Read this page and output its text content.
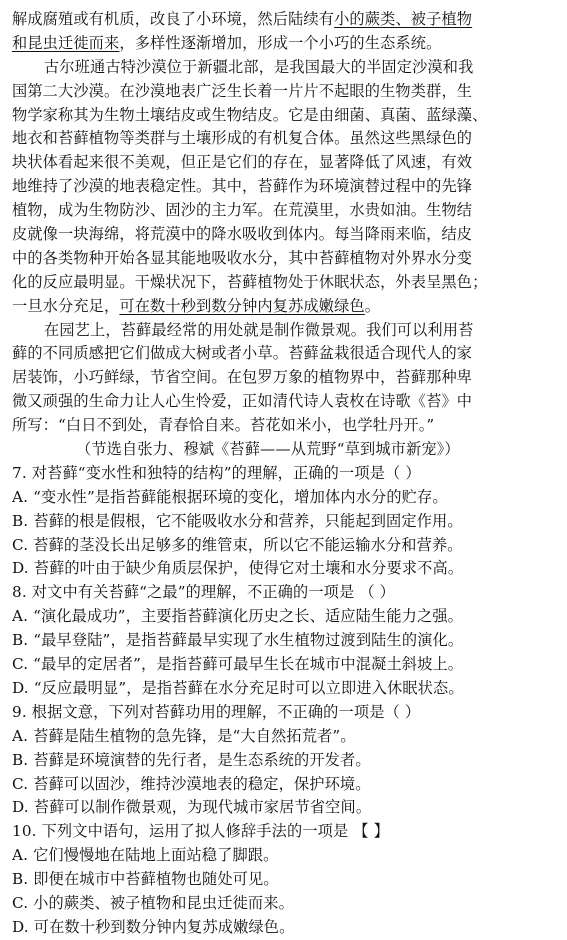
解成腐殖或有机质，改良了小环境，然后陆续有小的蕨类、被子植物
和昆虫迁徙而来，多样性逐渐增加，形成一个小巧的生态系统。
古尔班通古特沙漠位于新疆北部，是我国最大的半固定沙漠和我
国第二大沙漠。在沙漠地表广泛生长着一片片不起眼的生物类群，生
物学家称其为生物土壤结皮或生物结皮。它是由细菌、真菌、蓝绿藻、
地衣和苔藓植物等类群与土壤形成的有机复合体。虽然这些黑绿色的
块状体看起来很不美观，但正是它们的存在，显著降低了风速，有效
地维持了沙漠的地表稳定性。其中，苔藓作为环境演替过程中的先锋
植物，成为生物防沙、固沙的主力军。在荒漠里，水贵如油。生物结
皮就像一块海绵，将荒漠中的降水吸收到体内。每当降雨来临，结皮
中的各类物种开始各显其能地吸收水分，其中苔藓植物对外界水分变
化的反应最明显。干燥状况下，苔藓植物处于休眠状态，外表呈黑色；
一旦水分充足，可在数十秒到数分钟内复苏成嫩绿色。
在园艺上，苔藓最经常的用处就是制作微景观。我们可以利用苔
藓的不同质感把它们做成大树或者小草。苔藓盆栽很适合现代人的家
居装饰，小巧鲜绿，节省空间。在包罗万象的植物界中，苔藓那种卑
微又顽强的生命力让人心生怜爱，正如清代诗人袁枚在诗歌《苔》中
所写：“白日不到处，青春恰自来。苔花如米小，也学牡丹开。”
（节选自张力、穆斌《苔藓——从荒野“草到城市新宠》）
7. 对苔藓“变水性和独特的结构”的理解，正确的一项是（ ）
A. “变水性”是指苔藓能根据环境的变化，增加体内水分的贮存。
B. 苔藓的根是假根，它不能吸收水分和营养，只能起到固定作用。
C. 苔藓的茎没长出足够多的维管束，所以它不能运输水分和营养。
D. 苔藓的叶由于缺少角质层保护，使得它对土壤和水分要求不高。
8. 对文中有关苔藓“之最”的理解，不正确的一项是 （ ）
A. “演化最成功”，主要指苔藓演化历史之长、适应陆生能力之强。
B. “最早登陆”，是指苔藓最早实现了水生植物过渡到陆生的演化。
C. “最早的定居者”，是指苔藓可最早生长在城市中混凝土斜坡上。
D. “反应最明显”，是指苔藓在水分充足时可以立即进入休眠状态。
9. 根据文意，下列对苔藓功用的理解，不正确的一项是（ ）
A. 苔藓是陆生植物的急先锋，是“大自然拓荒者”。
B. 苔藓是环境演替的先行者，是生态系统的开发者。
C. 苔藓可以固沙，维持沙漠地表的稳定，保护环境。
D. 苔藓可以制作微景观，为现代城市家居节省空间。
10. 下列文中语句，运用了拟人修辞手法的一项是 【 】
A. 它们慢慢地在陆地上面站稳了脚跟。
B. 即便在城市中苔藓植物也随处可见。
C. 小的蕨类、被子植物和昆虫迁徙而来。
D. 可在数十秒到数分钟内复苏成嫩绿色。
